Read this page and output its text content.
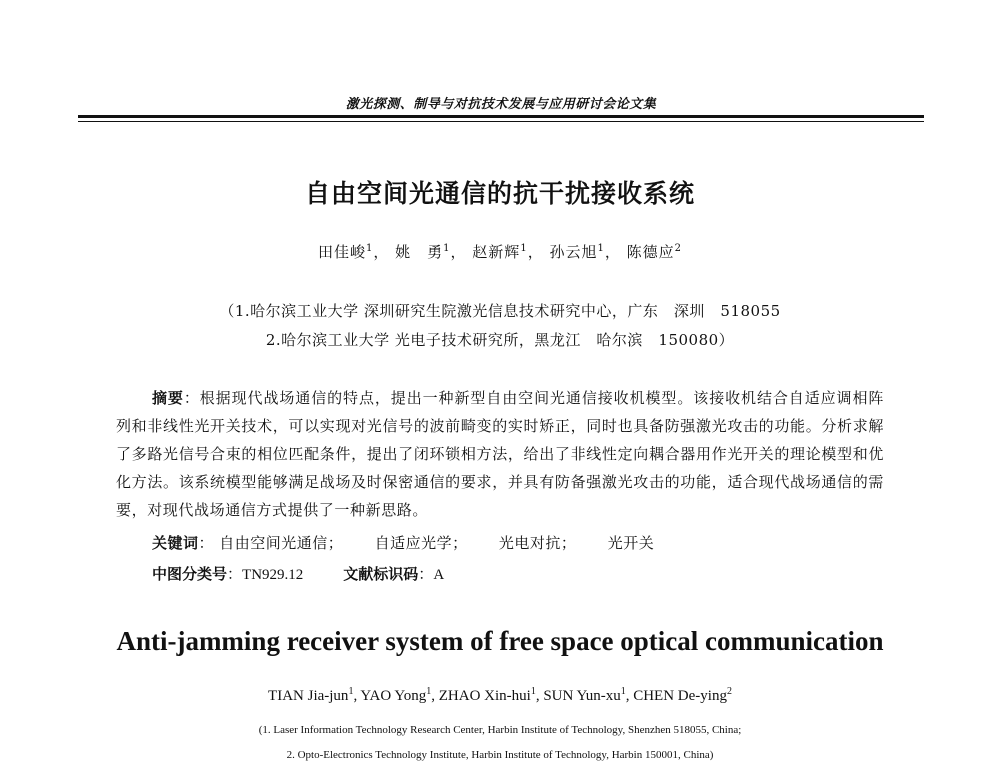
激光探测、制导与对抗技术发展与应用研讨会论文集
自由空间光通信的抗干扰接收系统
田佳峻$^1$， 姚　勇$^1$， 赵新辉$^1$， 孙云旭$^1$， 陈德应$^2$
（1.哈尔滨工业大学 深圳研究生院激光信息技术研究中心，广东　深圳　518055
2.哈尔滨工业大学 光电子技术研究所，黑龙江　哈尔滨　150080）
摘要：根据现代战场通信的特点，提出一种新型自由空间光通信接收机模型。该接收机结合自适应调相阵列和非线性光开关技术，可以实现对光信号的波前畸变的实时矫正，同时也具备防强激光攻击的功能。分析求解了多路光信号合束的相位匹配条件，提出了闭环锁相方法，给出了非线性定向耦合器用作光开关的理论模型和优化方法。该系统模型能够满足战场及时保密通信的要求，并具有防备强激光攻击的功能，适合现代战场通信的需要，对现代战场通信方式提供了一种新思路。
关键词： 自由空间光通信； 自适应光学； 光电对抗； 光开关
中图分类号：TN929.12	文献标识码：A
Anti-jamming receiver system of free space optical communication
TIAN Jia-jun$^1$, YAO Yong$^1$, ZHAO Xin-hui$^1$, SUN Yun-$xu^1$, CHEN De-ying$^2$
(1. Laser Information Technology Research Center, Harbin Institute of Technology, Shenzhen 518055, China;
2. Opto-Electronics Technology Institute, Harbin Institute of Technology, Harbin 150001, China)
